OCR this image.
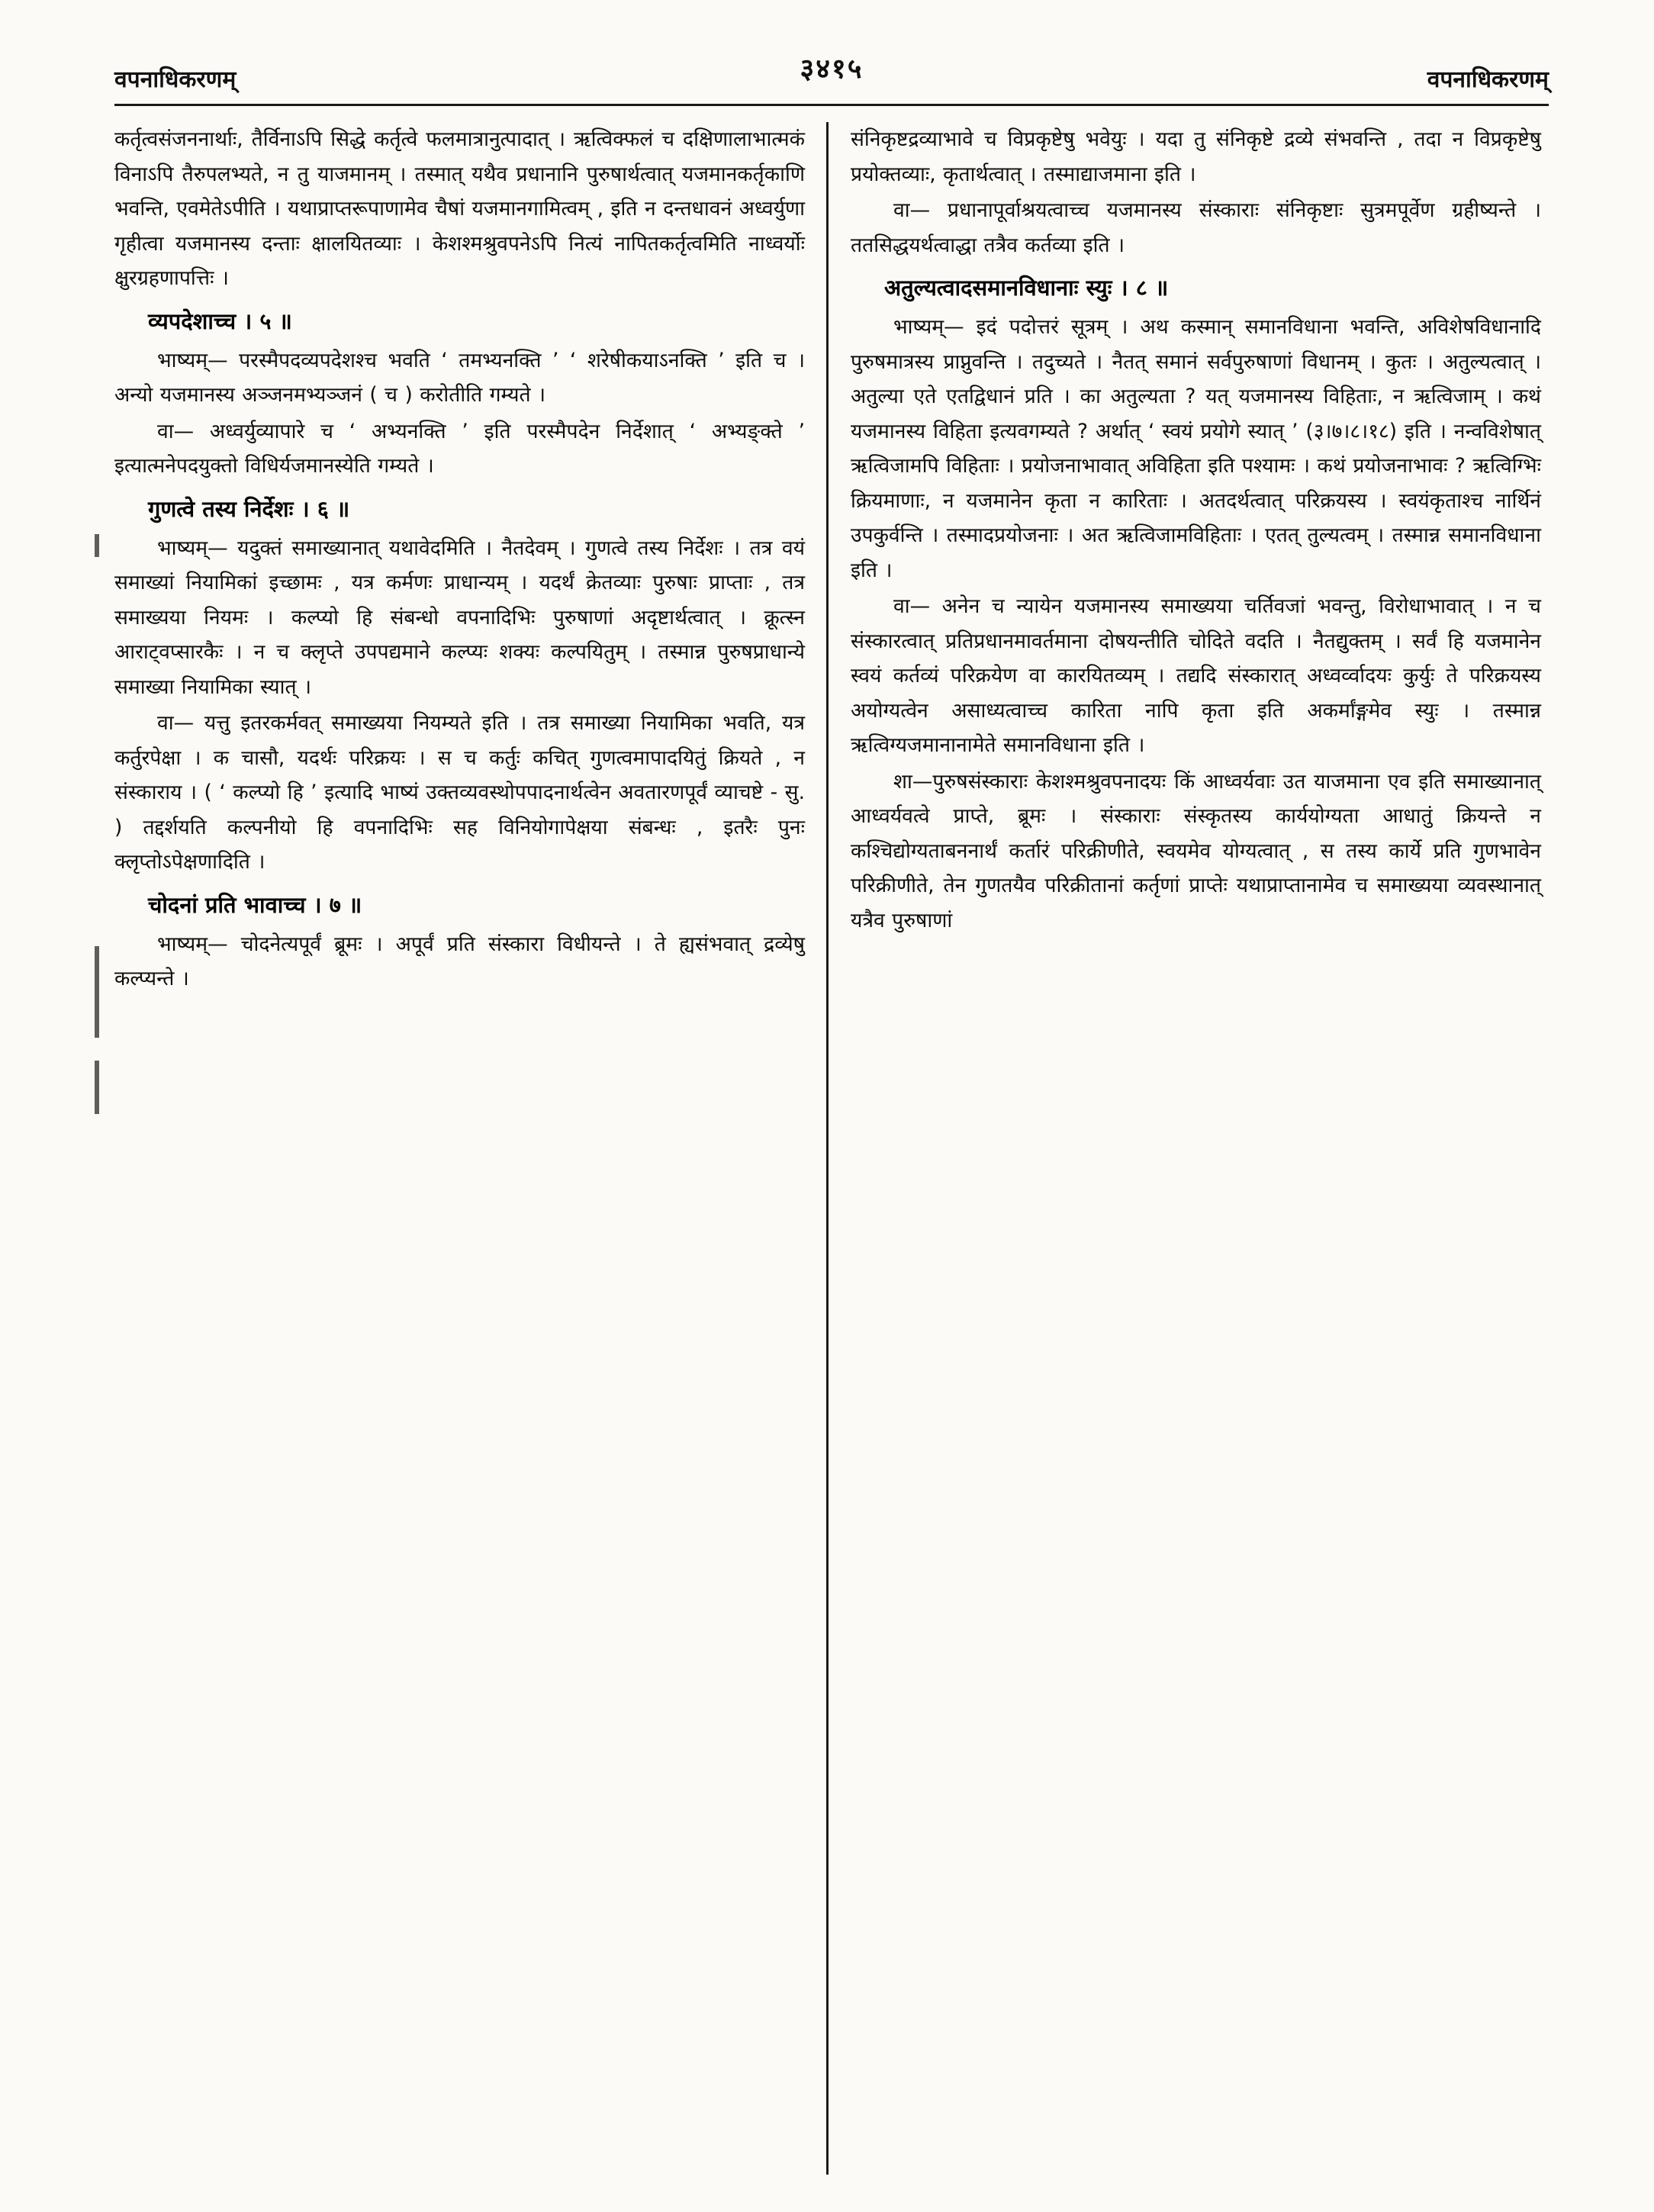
वपनाधिकरणम्	३४१५	वपनाधिकरणम्

कर्तृत्वसंजननार्थाः, तैर्विनाऽपि सिद्धे कर्तृत्वे फलमात्रानुत्पादात् । ऋत्विक्फलं च दक्षिणालाभात्मकं विनाऽपि तैरुपलभ्यते, न तु याजमानम् । तस्मात् यथैव प्रधानानि पुरुषार्थत्वात् यजमानकर्तृकाणि भवन्ति, एवमेतेऽपीति । यथाप्राप्तरूपाणामेव चैषां यजमानगामित्वम् , इति न दन्तधावनं अध्वर्युणा गृहीत्वा यजमानस्य दन्ताः क्षालयितव्याः । केशश्मश्रुवपनेऽपि नित्यं नापितकर्तृत्वमिति नाध्वर्योः क्षुरग्रहणापत्तिः ।

व्यपदेशाच्च । ५ ॥

भाष्यम्— परस्मैपदव्यपदेशश्च भवति ‘ तमभ्यनक्ति ’ ‘ शरेषीकयाऽनक्ति ’ इति च । अन्यो यजमानस्य अञ्जनमभ्यञ्जनं ( च ) करोतीति गम्यते ।

वा— अध्वर्युव्यापारे च ‘ अभ्यनक्ति ’ इति परस्मैपदेन निर्देशात् ‘ अभ्यङ्क्ते ’ इत्यात्मनेपदयुक्तो विधिर्यजमानस्येति गम्यते ।

गुणत्वे तस्य निर्देशः । ६ ॥

भाष्यम्— यदुक्तं समाख्यानात् यथावेदमिति । नैतदेवम् । गुणत्वे तस्य निर्देशः । तत्र वयं समाख्यां नियामिकां इच्छामः , यत्र कर्मणः प्राधान्यम् । यदर्थं क्रेतव्याः पुरुषाः प्राप्ताः , तत्र समाख्यया नियमः । कल्प्यो हि संबन्धो वपनादिभिः पुरुषाणां अदृष्टार्थत्वात् । क्रूत्स्न आराट्वप्सारकैः । न च क्लृप्ते उपपद्यमाने कल्प्यः शक्यः कल्पयितुम् । तस्मान्न पुरुषप्राधान्ये समाख्या नियामिका स्यात् ।

वा— यत्तु इतरकर्मवत् समाख्यया नियम्यते इति । तत्र समाख्या नियामिका भवति, यत्र कर्तुरपेक्षा । क चासौ, यदर्थः परिक्रयः । स च कर्तुः कचित् गुणत्वमापादयितुं क्रियते , न संस्काराय । ( ‘ कल्प्यो हि ’ इत्यादि भाष्यं उक्तव्यवस्थोपपादनार्थत्वेन अवतारणपूर्वं व्याचष्टे - सु. ) तद्दर्शयति कल्पनीयो हि वपनादिभिः सह विनियोगापेक्षया संबन्धः , इतरैः पुनः क्लृप्तोऽपेक्षणादिति ।

चोदनां प्रति भावाच्च । ७ ॥

भाष्यम्— चोदनेत्यपूर्वं ब्रूमः । अपूर्वं प्रति संस्कारा विधीयन्ते । ते ह्यसंभवात् द्रव्येषु कल्प्यन्ते ।

संनिकृष्टद्रव्याभावे च विप्रकृष्टेषु भवेयुः । यदा तु संनिकृष्टे द्रव्ये संभवन्ति , तदा न विप्रकृष्टेषु प्रयोक्तव्याः, कृतार्थत्वात् । तस्माद्याजमाना इति ।

वा— प्रधानापूर्वाश्रयत्वाच्च यजमानस्य संस्काराः संनिकृष्टाः सुत्रमपूर्वेण ग्रहीष्यन्ते । ततसिद्धयर्थत्वाद्धा तत्रैव कर्तव्या इति ।

अतुल्यत्वादसमानविधानाः स्युः । ८ ॥

भाष्यम्— इदं पदोत्तरं सूत्रम् । अथ कस्मान् समानविधाना भवन्ति, अविशेषविधानादि पुरुषमात्रस्य प्राप्नुवन्ति । तदुच्यते । नैतत् समानं सर्वपुरुषाणां विधानम् । कुतः । अतुल्यत्वात् । अतुल्या एते एतद्विधानं प्रति । का अतुल्यता ? यत् यजमानस्य विहिताः, न ऋत्विजाम् । कथं यजमानस्य विहिता इत्यवगम्यते ? अर्थात् ‘ स्वयं प्रयोगे स्यात् ’ (३।७।८।१८) इति । नन्वविशेषात् ऋत्विजामपि विहिताः । प्रयोजनाभावात् अविहिता इति पश्यामः । कथं प्रयोजनाभावः ? ऋत्विग्भिः क्रियमाणाः, न यजमानेन कृता न कारिताः । अतदर्थत्वात् परिक्रयस्य । स्वयंकृताश्च नार्थिनं उपकुर्वन्ति । तस्मादप्रयोजनाः । अत ऋत्विजामविहिताः । एतत् तुल्यत्वम् । तस्मान्न समानविधाना इति ।

वा— अनेन च न्यायेन यजमानस्य समाख्यया चर्तिवजां भवन्तु, विरोधाभावात् । न च संस्कारत्वात् प्रतिप्रधानमावर्तमाना दोषयन्तीति चोदिते वदति । नैतद्युक्तम् । सर्वं हि यजमानेन स्वयं कर्तव्यं परिक्रयेण वा कारयितव्यम् । तद्यदि संस्कारात् अध्वर्व्वादयः कुर्युः ते परिक्रयस्य अयोग्यत्वेन असाध्यत्वाच्च कारिता नापि कृता इति अकर्मांङ्गमेव स्युः । तस्मान्न ऋत्विग्यजमानानामेते समानविधाना इति ।

शा—पुरुषसंस्काराः केशश्मश्रुवपनादयः किं आध्वर्यवाः उत याजमाना एव इति समाख्यानात् आध्वर्यवत्वे प्राप्ते, ब्रूमः । संस्काराः संस्कृतस्य कार्ययोग्यता आधातुं क्रियन्ते न कश्चिद्योग्यताबननार्थं कर्तारं परिक्रीणीते, स्वयमेव योग्यत्वात् , स तस्य कार्ये प्रति गुणभावेन परिक्रीणीते, तेन गुणतयैव परिक्रीतानां कर्तृणां प्राप्तेः यथाप्राप्तानामेव च समाख्यया व्यवस्थानात् यत्रैव पुरुषाणां
